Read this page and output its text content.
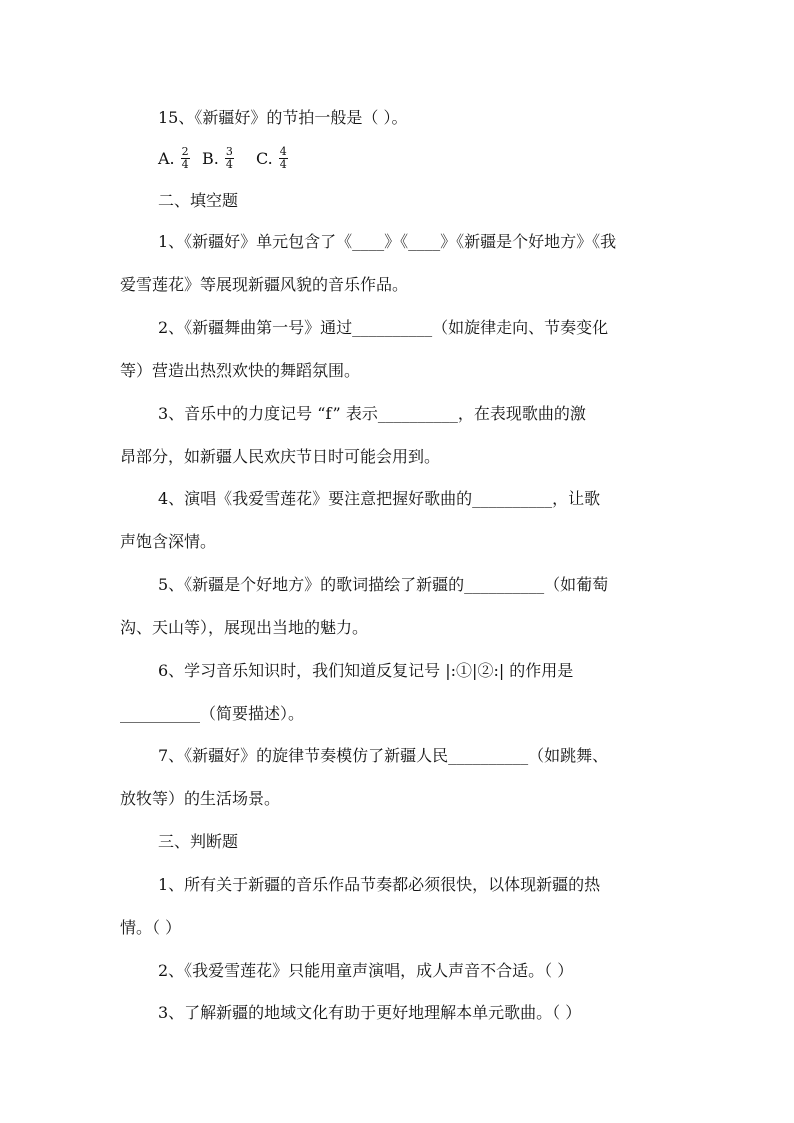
15、《新疆好》的节拍一般是（ ）。
A. $\frac{2}{4} B$. $\frac{3}{4} C$. $\frac{4}{4}$
二、填空题
1、《新疆好》单元包含了《____》《____》《新疆是个好地方》《我
爱雪莲花》等展现新疆风貌的音乐作品。
2、《新疆舞曲第一号》通过__________（如旋律走向、节奏变化
等）营造出热烈欢快的舞蹈氛围。
3、音乐中的力度记号 “f” 表示__________，在表现歌曲的激
昂部分，如新疆人民欢庆节日时可能会用到。
4、演唱《我爱雪莲花》要注意把握好歌曲的__________，让歌
声饱含深情。
5、《新疆是个好地方》的歌词描绘了新疆的__________（如葡萄
沟、天山等），展现出当地的魅力。
6、学习音乐知识时，我们知道反复记号 |:①|②:| 的作用是
__________（简要描述）。
7、《新疆好》的旋律节奏模仿了新疆人民__________（如跳舞、
放牧等）的生活场景。
三、判断题
1、所有关于新疆的音乐作品节奏都必须很快，以体现新疆的热
情。（ ）
2、《我爱雪莲花》只能用童声演唱，成人声音不合适。（ ）
3、了解新疆的地域文化有助于更好地理解本单元歌曲。（ ）
